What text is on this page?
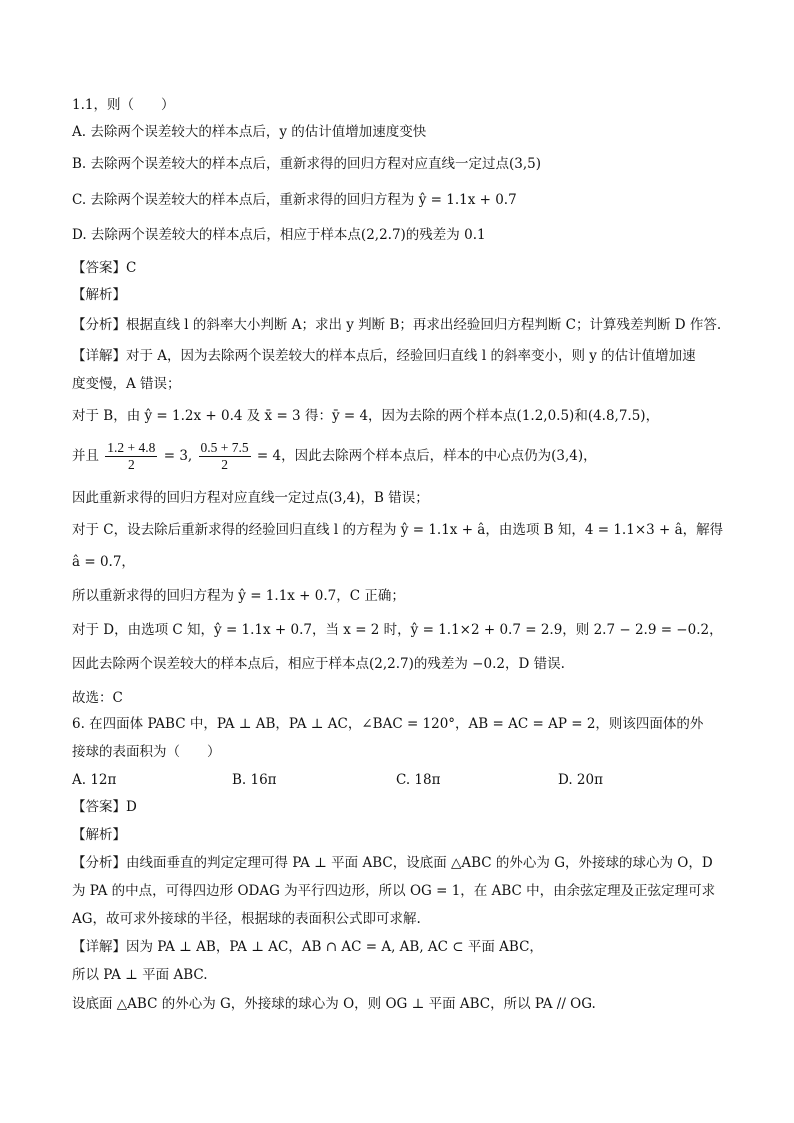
1.1，则（　　）
A. 去除两个误差较大的样本点后，y 的估计值增加速度变快
B. 去除两个误差较大的样本点后，重新求得的回归方程对应直线一定过点(3,5)
C. 去除两个误差较大的样本点后，重新求得的回归方程为 ŷ = 1.1x + 0.7
D. 去除两个误差较大的样本点后，相应于样本点(2,2.7)的残差为 0.1
【答案】C
【解析】
【分析】根据直线 l 的斜率大小判断 A；求出 y 判断 B；再求出经验回归方程判断 C；计算残差判断 D 作答.
【详解】对于 A，因为去除两个误差较大的样本点后，经验回归直线 l 的斜率变小，则 y 的估计值增加速
度变慢，A 错误；
对于 B，由 ŷ = 1.2x + 0.4 及 x̄ = 3 得：ȳ = 4，因为去除的两个样本点(1.2,0.5)和(4.8,7.5)，
并且 $\frac{1.2 + 4.8}{2} = 3$, $\frac{0.5 + 7.5}{2} = 4$，因此去除两个样本点后，样本的中心点仍为(3,4)，
因此重新求得的回归方程对应直线一定过点(3,4)，B 错误；
对于 C，设去除后重新求得的经验回归直线 l 的方程为 ŷ = 1.1x + â，由选项 B 知，4 = 1.1×3 + â，解得
â = 0.7，
所以重新求得的回归方程为 ŷ = 1.1x + 0.7，C 正确；
对于 D，由选项 C 知，ŷ = 1.1x + 0.7，当 x = 2 时，ŷ = 1.1×2 + 0.7 = 2.9，则 2.7 − 2.9 = −0.2，
因此去除两个误差较大的样本点后，相应于样本点(2,2.7)的残差为 −0.2，D 错误.
故选：C
6. 在四面体 PABC 中，PA ⊥ AB，PA ⊥ AC，∠BAC = 120°，AB = AC = AP = 2，则该四面体的外
接球的表面积为（　　）
A. 12π	B. 16π	C. 18π	D. 20π
【答案】D
【解析】
【分析】由线面垂直的判定定理可得 PA ⊥ 平面 ABC，设底面 △ABC 的外心为 G，外接球的球心为 O，D
为 PA 的中点，可得四边形 ODAG 为平行四边形，所以 OG = 1，在 ABC 中，由余弦定理及正弦定理可求
AG，故可求外接球的半径，根据球的表面积公式即可求解.
【详解】因为 PA ⊥ AB，PA ⊥ AC，AB ∩ AC = A, AB, AC ⊂ 平面 ABC，
所以 PA ⊥ 平面 ABC.
设底面 △ABC 的外心为 G，外接球的球心为 O，则 OG ⊥ 平面 ABC，所以 PA // OG.
